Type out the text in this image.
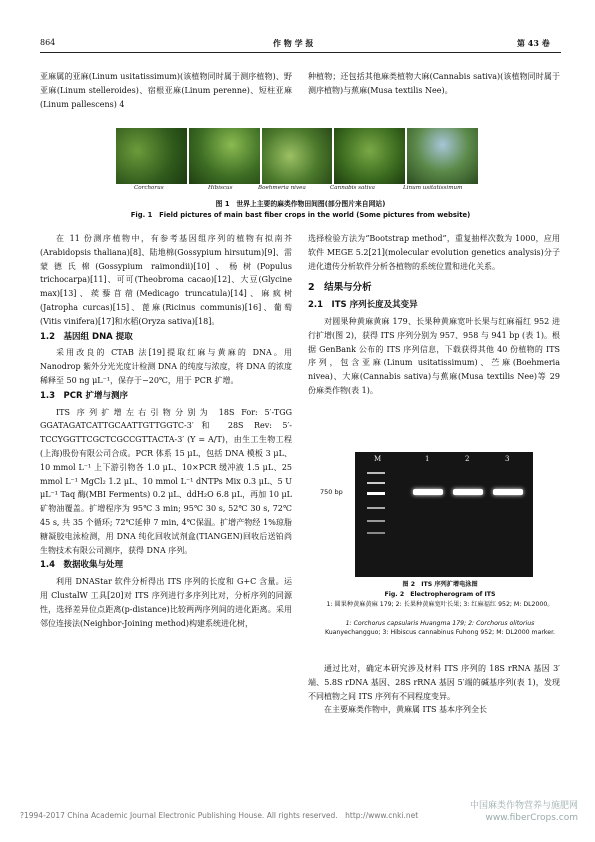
864	作 物 学 报	第 43 卷

亚麻属的亚麻(Linum usitatissimum)(该植物同时属于测序植物)、野亚麻(Linum stelleroides)、宿根亚麻(Linum perenne)、短柱亚麻(Linum pallescens) 4

种植物；还包括其他麻类植物大麻(Cannabis sativa)(该植物同时属于测序植物)与蕉麻(Musa textilis Nee)。

Corchorus	Hibiscus	Boehmeria nivea	Cannabis sativa	Linum usitatissimum
图 1　世界上主要的麻类作物田间图(部分图片来自网站)
Fig. 1　Field pictures of main bast fiber crops in the world (Some pictures from website)

在 11 份测序植物中，有参考基因组序列的植物有拟南芥(Arabidopsis thaliana)[8]、陆地棉(Gossypium hirsutum)[9]、雷蒙德氏棉(Gossypium raimondii)[10]、杨树(Populus trichocarpa)[11]、可可(Theobroma cacao)[12]、大豆(Glycine max)[13]、蒺藜苜蓿(Medicago truncatula)[14]、麻疯树(Jatropha curcas)[15]、蓖麻(Ricinus communis)[16]、葡萄(Vitis vinifera)[17]和水稻(Oryza sativa)[18]。

1.2　基因组 DNA 提取

采用改良的 CTAB 法[19]提取红麻与黄麻的 DNA。用 Nanodrop 紫外分光光度计检测 DNA 的纯度与浓度，将 DNA 的浓度稀释至 50 ng μL⁻¹，保存于−20℃，用于 PCR 扩增。

1.3　PCR 扩增与测序

ITS 序列扩增左右引物分别为 18S For: 5′-TGG GGATAGATCATTGCAATTGTTGGTC-3′和 28S Rev: 5′-TCCYGGTTCGCTCGCCGTTACTA-3′ (Y = A/T)，由生工生物工程(上海)股份有限公司合成。PCR 体系 15 μL，包括 DNA 模板 3 μL、10 mmol L⁻¹ 上下游引物各 1.0 μL、10×PCR 缓冲液 1.5 μL、25 mmol L⁻¹ MgCl₂ 1.2 μL、10 mmol L⁻¹ dNTPs Mix 0.3 μL、5 U μL⁻¹ Taq 酶(MBI Ferments) 0.2 μL、ddH₂O 6.8 μL，再加 10 μL 矿物油覆盖。扩增程序为 95℃ 3 min; 95℃ 30 s, 52℃ 30 s, 72℃ 45 s, 共 35 个循环; 72℃延伸 7 min, 4℃保温。扩增产物经 1%琼脂糖凝胶电泳检测，用 DNA 纯化回收试剂盒(TIANGEN)回收后送铂尚生物技术有限公司测序，获得 DNA 序列。

1.4　数据收集与处理

利用 DNAStar 软件分析得出 ITS 序列的长度和 G+C 含量。运用 ClustalW 工具[20]对 ITS 序列进行多序列比对，分析序列的同源性，选择差异位点距离(p-distance)比较两两序列间的进化距离。采用邻位连接法(Neighbor-Joining method)构建系统进化树，

选择检验方法为“Bootstrap method”，重复抽样次数为 1000，应用软件 MEGE 5.2[21](molecular evolution genetics analysis)分子进化遗传分析软件分析各植物的系统位置和进化关系。

2　结果与分析
2.1　ITS 序列长度及其变异

对圆果种黄麻黄麻 179、长果种黄麻宽叶长果与红麻福红 952 进行扩增(图 2)，获得 ITS 序列分别为 957、958 与 941 bp (表 1)。根据 GenBank 公布的 ITS 序列信息，下载获得其他 40 份植物的 ITS 序列，包含亚麻(Linum usitatissimum)、苎麻(Boehmeria nivea)、大麻(Cannabis sativa)与蕉麻(Musa textilis Nee)等 29 份麻类作物(表 1)。

M	1	2	3
750 bp
图 2　ITS 序列扩增电泳图
Fig. 2　Electropherogram of ITS
1: 圆果种黄麻黄麻 179; 2: 长果种黄麻宽叶长果; 3: 红麻福红 952; M: DL2000。
1: Corchorus capsularis Huangma 179; 2: Corchorus olitorius
Kuanyechangguo; 3: Hibiscus cannabinus Fuhong 952; M: DL2000 marker.

通过比对，确定本研究涉及材料 ITS 序列的 18S rRNA 基因 3′端、5.8S rDNA 基因、28S rRNA 基因 5′端的碱基序列(表 1)，发现不同植物之间 ITS 序列有不同程度变异。

在主要麻类作物中，黄麻属 ITS 基本序列全长

?1994-2017 China Academic Journal Electronic Publishing House. All rights reserved.　http://www.cnki.net
中国麻类作物营养与施肥网
www.fiberCrops.com
